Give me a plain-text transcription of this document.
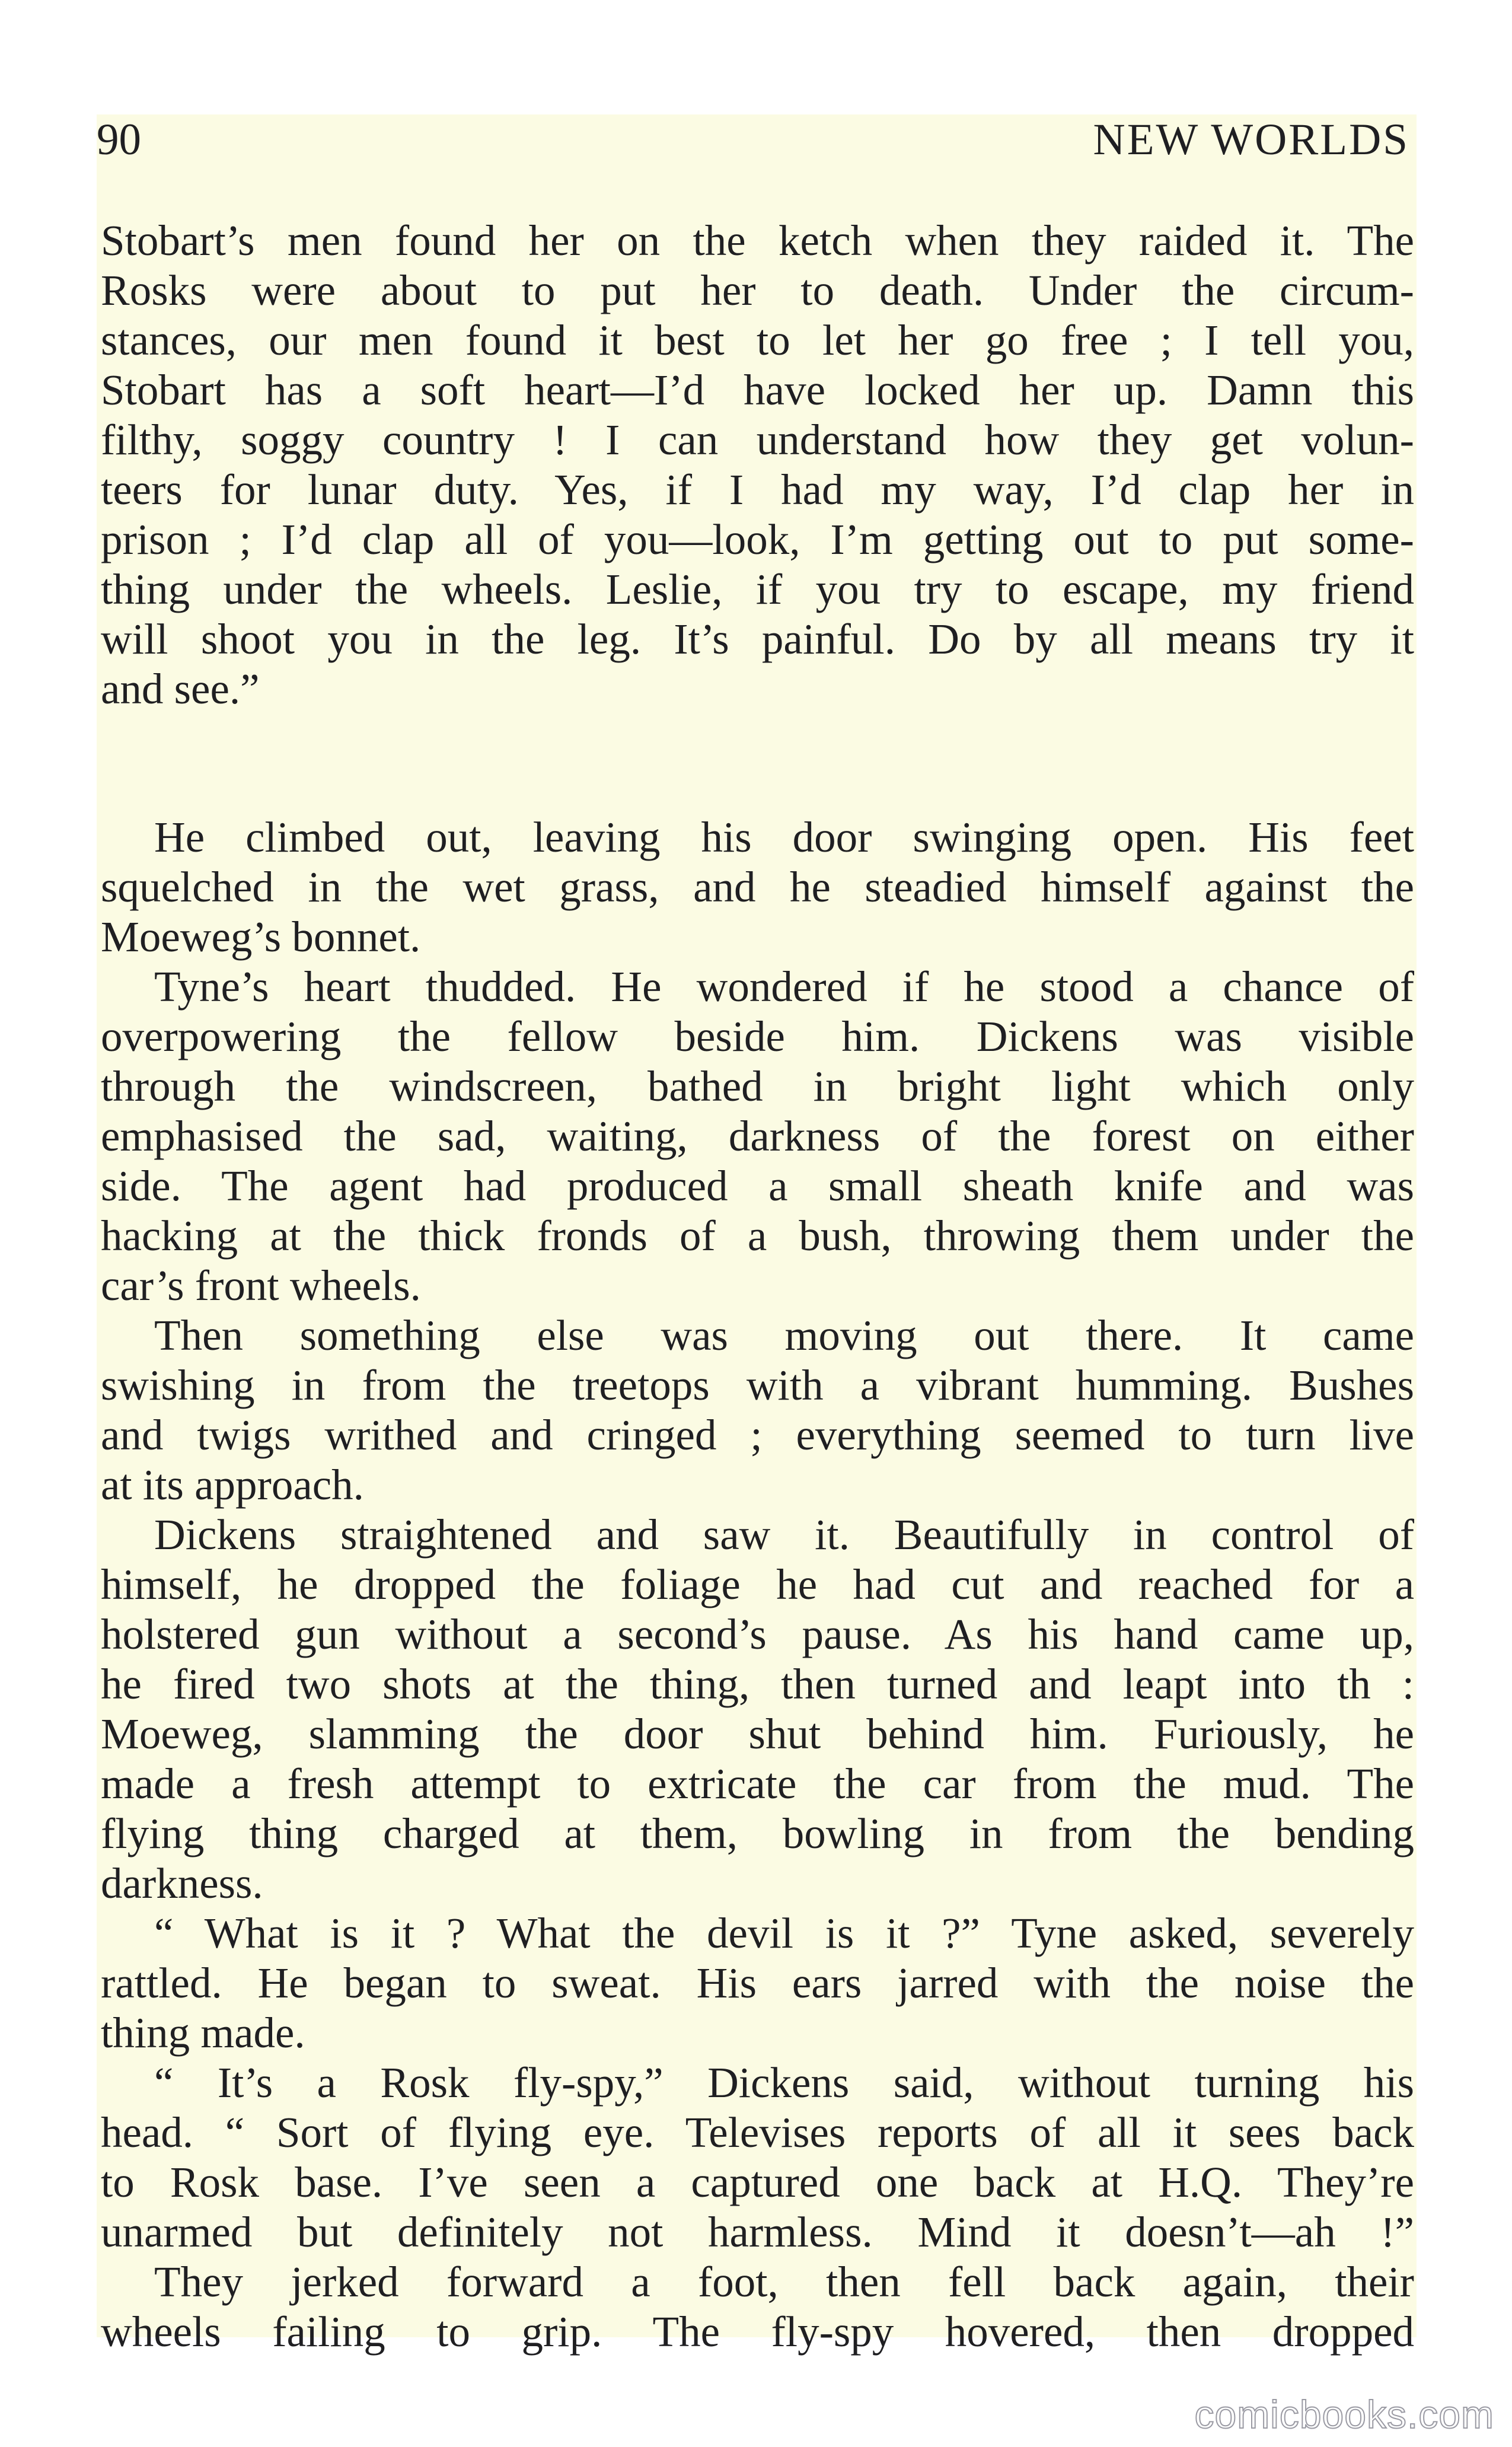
90	NEW WORLDS
Stobart’s men found her on the ketch when they raided it. The
Rosks were about to put her to death. Under the circum-
stances, our men found it best to let her go free ; I tell you,
Stobart has a soft heart—I’d have locked her up. Damn this
filthy, soggy country ! I can understand how they get volun-
teers for lunar duty. Yes, if I had my way, I’d clap her in
prison ; I’d clap all of you—look, I’m getting out to put some-
thing under the wheels. Leslie, if you try to escape, my friend
will shoot you in the leg. It’s painful. Do by all means try it
and see.”
He climbed out, leaving his door swinging open. His feet
squelched in the wet grass, and he steadied himself against the
Moeweg’s bonnet.
Tyne’s heart thudded. He wondered if he stood a chance of
overpowering the fellow beside him. Dickens was visible
through the windscreen, bathed in bright light which only
emphasised the sad, waiting, darkness of the forest on either
side. The agent had produced a small sheath knife and was
hacking at the thick fronds of a bush, throwing them under the
car’s front wheels.
Then something else was moving out there. It came
swishing in from the treetops with a vibrant humming. Bushes
and twigs writhed and cringed ; everything seemed to turn live
at its approach.
Dickens straightened and saw it. Beautifully in control of
himself, he dropped the foliage he had cut and reached for a
holstered gun without a second’s pause. As his hand came up,
he fired two shots at the thing, then turned and leapt into th :
Moeweg, slamming the door shut behind him. Furiously, he
made a fresh attempt to extricate the car from the mud. The
flying thing charged at them, bowling in from the bending
darkness.
“ What is it ? What the devil is it ?” Tyne asked, severely
rattled. He began to sweat. His ears jarred with the noise the
thing made.
“ It’s a Rosk fly-spy,” Dickens said, without turning his
head. “ Sort of flying eye. Televises reports of all it sees back
to Rosk base. I’ve seen a captured one back at H.Q. They’re
unarmed but definitely not harmless. Mind it doesn’t—ah !”
They jerked forward a foot, then fell back again, their
wheels failing to grip. The fly-spy hovered, then dropped
comicbooks.com
